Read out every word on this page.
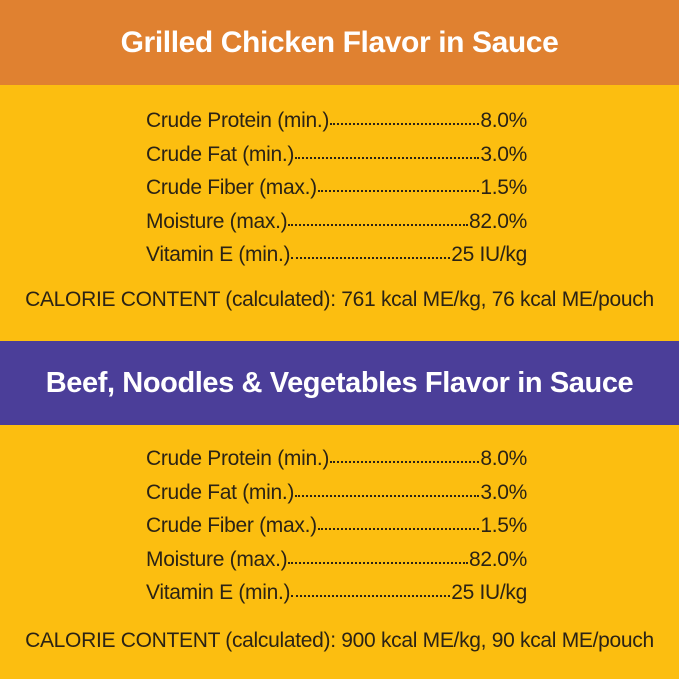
Grilled Chicken Flavor in Sauce
Crude Protein (min.)	8.0%
Crude Fat (min.)	3.0%
Crude Fiber (max.)	1.5%
Moisture (max.)	82.0%
Vitamin E (min.)	25 IU/kg

CALORIE CONTENT (calculated): 761 kcal ME/kg, 76 kcal ME/pouch

Beef, Noodles & Vegetables Flavor in Sauce
Crude Protein (min.)	8.0%
Crude Fat (min.)	3.0%
Crude Fiber (max.)	1.5%
Moisture (max.)	82.0%
Vitamin E (min.)	25 IU/kg

CALORIE CONTENT (calculated): 900 kcal ME/kg, 90 kcal ME/pouch
